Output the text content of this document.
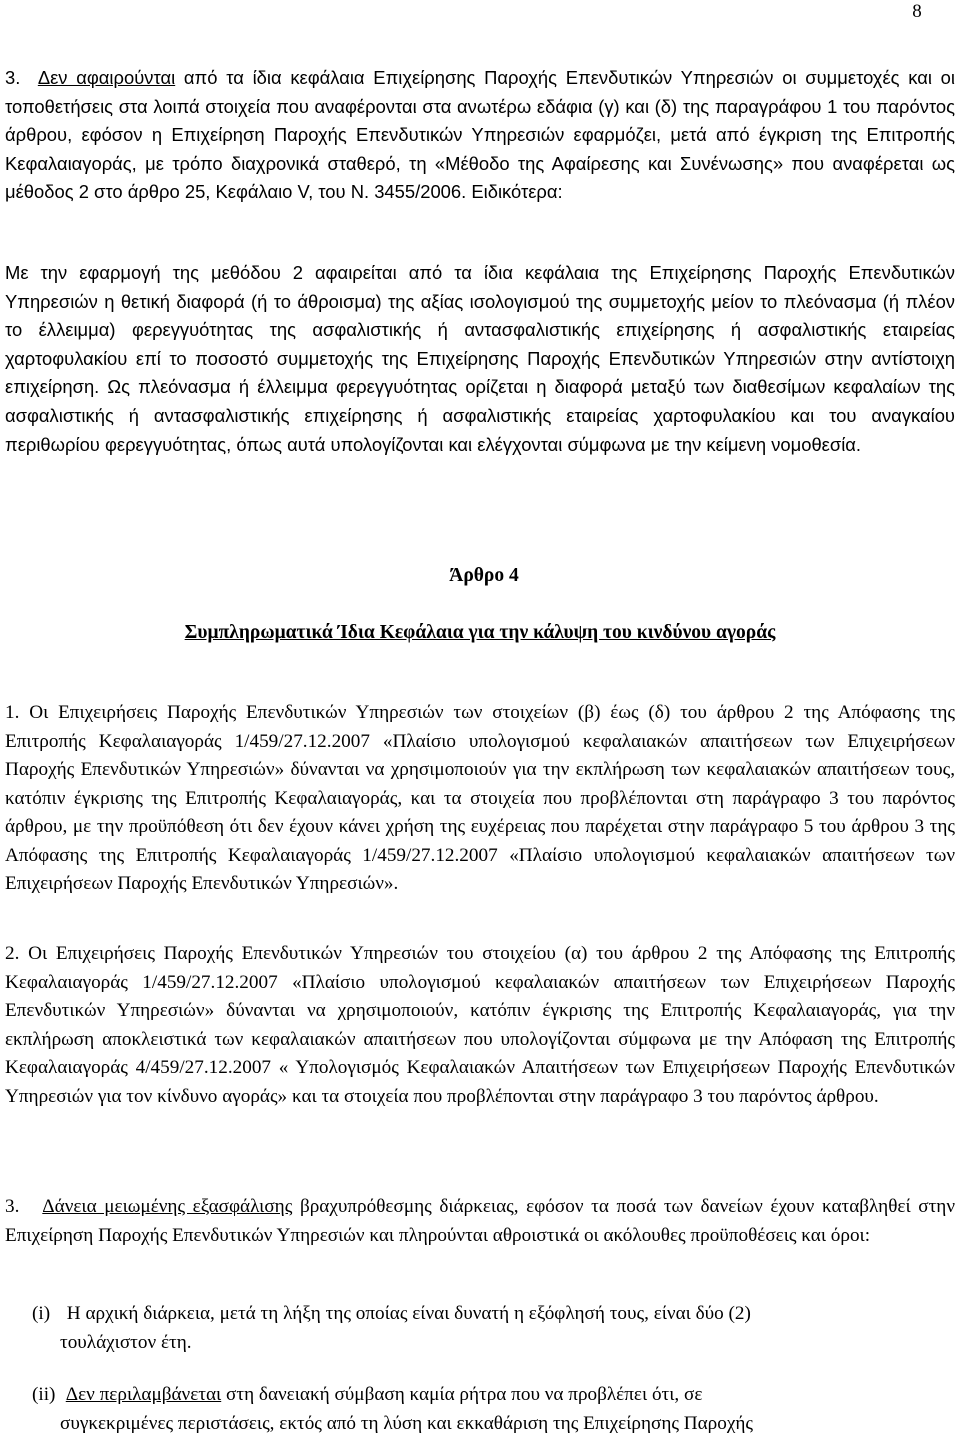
8
3. Δεν αφαιρούνται από τα ίδια κεφάλαια Επιχείρησης Παροχής Επενδυτικών Υπηρεσιών οι συμμετοχές και οι τοποθετήσεις στα λοιπά στοιχεία που αναφέρονται στα ανωτέρω εδάφια (γ) και (δ) της παραγράφου 1 του παρόντος άρθρου, εφόσον η Επιχείρηση Παροχής Επενδυτικών Υπηρεσιών εφαρμόζει, μετά από έγκριση της Επιτροπής Κεφαλαιαγοράς, με τρόπο διαχρονικά σταθερό, τη «Μέθοδο της Αφαίρεσης και Συνένωσης» που αναφέρεται ως μέθοδος 2 στο άρθρο 25, Κεφάλαιο V, του Ν. 3455/2006. Ειδικότερα:
Με την εφαρμογή της μεθόδου 2 αφαιρείται από τα ίδια κεφάλαια της Επιχείρησης Παροχής Επενδυτικών Υπηρεσιών η θετική διαφορά (ή το άθροισμα) της αξίας ισολογισμού της συμμετοχής μείον το πλεόνασμα (ή πλέον το έλλειμμα) φερεγγυότητας της ασφαλιστικής ή αντασφαλιστικής επιχείρησης ή ασφαλιστικής εταιρείας χαρτοφυλακίου επί το ποσοστό συμμετοχής της Επιχείρησης Παροχής Επενδυτικών Υπηρεσιών στην αντίστοιχη επιχείρηση. Ως πλεόνασμα ή έλλειμμα φερεγγυότητας ορίζεται η διαφορά μεταξύ των διαθεσίμων κεφαλαίων της ασφαλιστικής ή αντασφαλιστικής επιχείρησης ή ασφαλιστικής εταιρείας χαρτοφυλακίου και του αναγκαίου περιθωρίου φερεγγυότητας, όπως αυτά υπολογίζονται και ελέγχονται σύμφωνα με την κείμενη νομοθεσία.
Άρθρο 4
Συμπληρωματικά Ίδια Κεφάλαια για την κάλυψη του κινδύνου αγοράς
1. Οι Επιχειρήσεις Παροχής Επενδυτικών Υπηρεσιών των στοιχείων (β) έως (δ) του άρθρου 2 της Απόφασης της Επιτροπής Κεφαλαιαγοράς 1/459/27.12.2007 «Πλαίσιο υπολογισμού κεφαλαιακών απαιτήσεων των Επιχειρήσεων Παροχής Επενδυτικών Υπηρεσιών» δύνανται να χρησιμοποιούν για την εκπλήρωση των κεφαλαιακών απαιτήσεων τους, κατόπιν έγκρισης της Επιτροπής Κεφαλαιαγοράς, και τα στοιχεία που προβλέπονται στη παράγραφο 3 του παρόντος άρθρου, με την προϋπόθεση ότι δεν έχουν κάνει χρήση της ευχέρειας που παρέχεται στην παράγραφο 5 του άρθρου 3 της Απόφασης της Επιτροπής Κεφαλαιαγοράς 1/459/27.12.2007 «Πλαίσιο υπολογισμού κεφαλαιακών απαιτήσεων των Επιχειρήσεων Παροχής Επενδυτικών Υπηρεσιών».
2. Οι Επιχειρήσεις Παροχής Επενδυτικών Υπηρεσιών του στοιχείου (α) του άρθρου 2 της Απόφασης της Επιτροπής Κεφαλαιαγοράς 1/459/27.12.2007 «Πλαίσιο υπολογισμού κεφαλαιακών απαιτήσεων των Επιχειρήσεων Παροχής Επενδυτικών Υπηρεσιών» δύνανται να χρησιμοποιούν, κατόπιν έγκρισης της Επιτροπής Κεφαλαιαγοράς, για την εκπλήρωση αποκλειστικά των κεφαλαιακών απαιτήσεων που υπολογίζονται σύμφωνα με την Απόφαση της Επιτροπής Κεφαλαιαγοράς 4/459/27.12.2007 « Υπολογισμός Κεφαλαιακών Απαιτήσεων των Επιχειρήσεων Παροχής Επενδυτικών Υπηρεσιών για τον κίνδυνο αγοράς» και τα στοιχεία που προβλέπονται στην παράγραφο 3 του παρόντος άρθρου.
3. Δάνεια μειωμένης εξασφάλισης βραχυπρόθεσμης διάρκειας, εφόσον τα ποσά των δανείων έχουν καταβληθεί στην Επιχείρηση Παροχής Επενδυτικών Υπηρεσιών και πληρούνται αθροιστικά οι ακόλουθες προϋποθέσεις και όροι:
(i) Η αρχική διάρκεια, μετά τη λήξη της οποίας είναι δυνατή η εξόφλησή τους, είναι δύο (2)
τουλάχιστον έτη.
(ii) Δεν περιλαμβάνεται στη δανειακή σύμβαση καμία ρήτρα που να προβλέπει ότι, σε
συγκεκριμένες περιστάσεις, εκτός από τη λύση και εκκαθάριση της Επιχείρησης Παροχής
